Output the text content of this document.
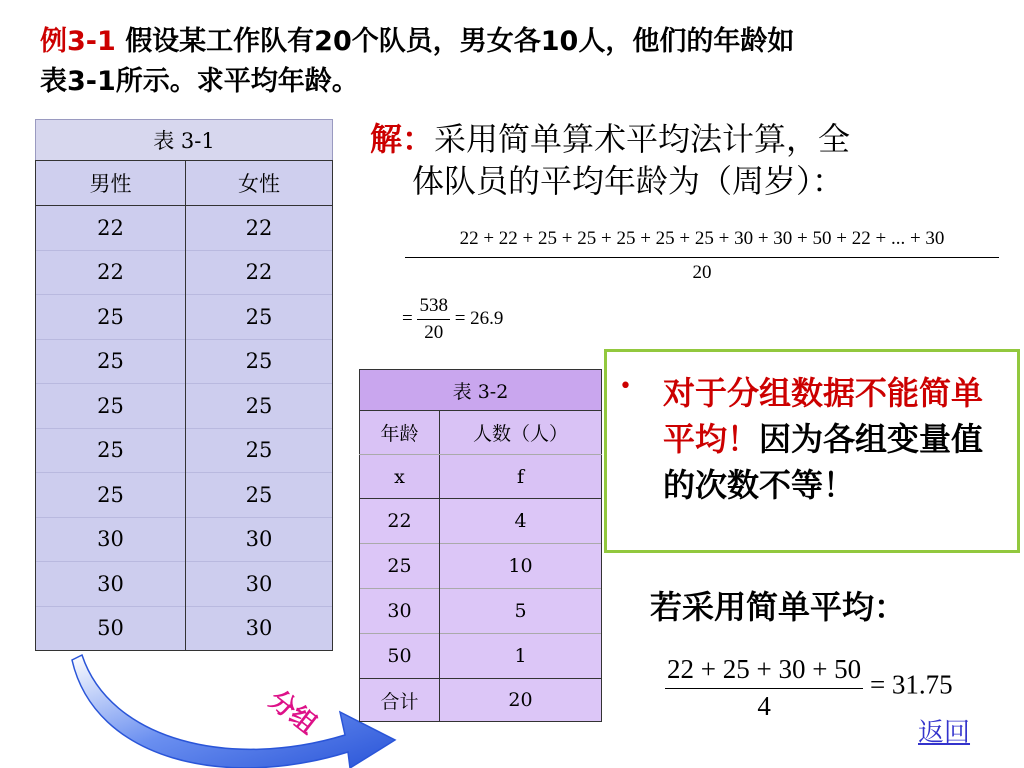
例3-1 假设某工作队有20个队员，男女各10人，他们的年龄如
表3-1所示。求平均年龄。
表 3-1	
男性	女性
22	22
22	22
25	25
25	25
25	25
25	25
25	25
30	30
30	30
50	30
解：采用简单算术平均法计算，全
体队员的平均年龄为（周岁）：
22 + 22 + 25 + 25 + 25 + 25 + 25 + 30 + 30 + 50 + 22 + ... + 30
20
= $\frac{538}{20} = 26.9$
表 3-2	
年龄	人数（人）
x	f
22	4
25	10
30	5
50	1
合计	20
• 对于分组数据不能简单平均！因为各组变量值的次数不等！
若采用简单平均：
$\frac{22 + 25 + 30 + 50}{4} = 31.75$
返回
分组
